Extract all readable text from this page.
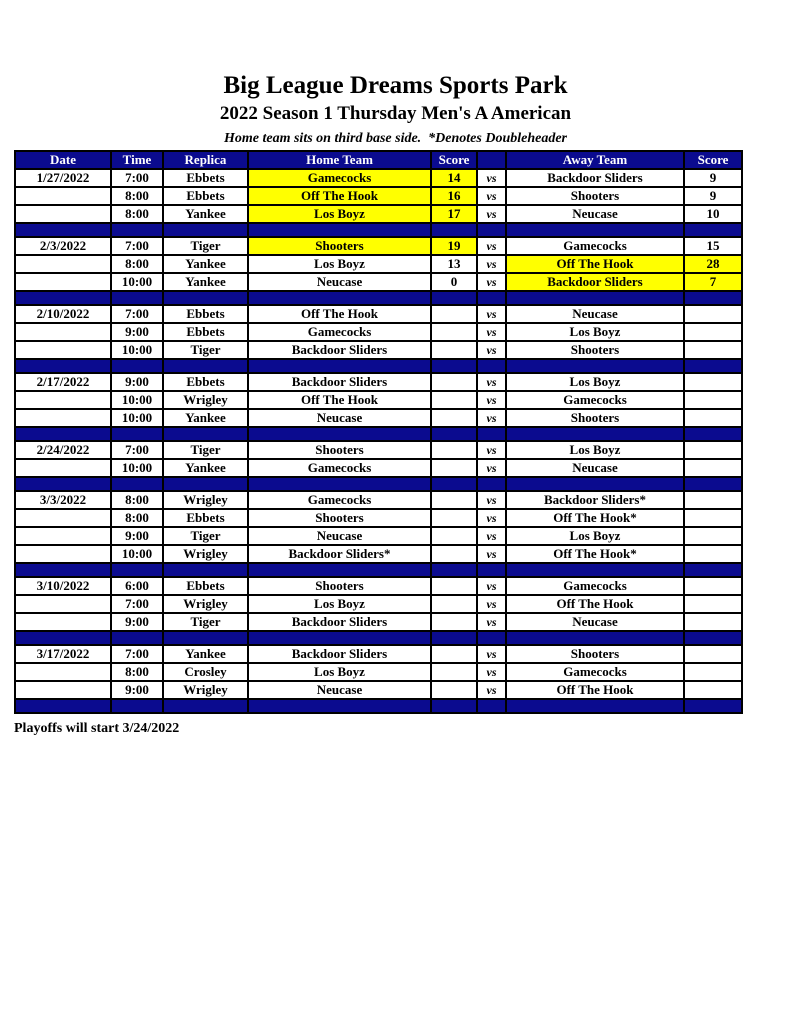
Big League Dreams Sports Park
2022 Season 1 Thursday Men's A American

Home team sits on third base side.  *Denotes Doubleheader

Date	Time	Replica	Home Team	Score		Away Team	Score
1/27/2022	7:00	Ebbets	Gamecocks	14	vs	Backdoor Sliders	9
	8:00	Ebbets	Off The Hook	16	vs	Shooters	9
	8:00	Yankee	Los Boyz	17	vs	Neucase	10

2/3/2022	7:00	Tiger	Shooters	19	vs	Gamecocks	15
	8:00	Yankee	Los Boyz	13	vs	Off The Hook	28
	10:00	Yankee	Neucase	0	vs	Backdoor Sliders	7

2/10/2022	7:00	Ebbets	Off The Hook		vs	Neucase	
	9:00	Ebbets	Gamecocks		vs	Los Boyz	
	10:00	Tiger	Backdoor Sliders		vs	Shooters	

2/17/2022	9:00	Ebbets	Backdoor Sliders		vs	Los Boyz	
	10:00	Wrigley	Off The Hook		vs	Gamecocks	
	10:00	Yankee	Neucase		vs	Shooters	

2/24/2022	7:00	Tiger	Shooters		vs	Los Boyz	
	10:00	Yankee	Gamecocks		vs	Neucase	

3/3/2022	8:00	Wrigley	Gamecocks		vs	Backdoor Sliders*	
	8:00	Ebbets	Shooters		vs	Off The Hook*	
	9:00	Tiger	Neucase		vs	Los Boyz	
	10:00	Wrigley	Backdoor Sliders*		vs	Off The Hook*	

3/10/2022	6:00	Ebbets	Shooters		vs	Gamecocks	
	7:00	Wrigley	Los Boyz		vs	Off The Hook	
	9:00	Tiger	Backdoor Sliders		vs	Neucase	

3/17/2022	7:00	Yankee	Backdoor Sliders		vs	Shooters	
	8:00	Crosley	Los Boyz		vs	Gamecocks	
	9:00	Wrigley	Neucase		vs	Off The Hook	

Playoffs will start 3/24/2022
